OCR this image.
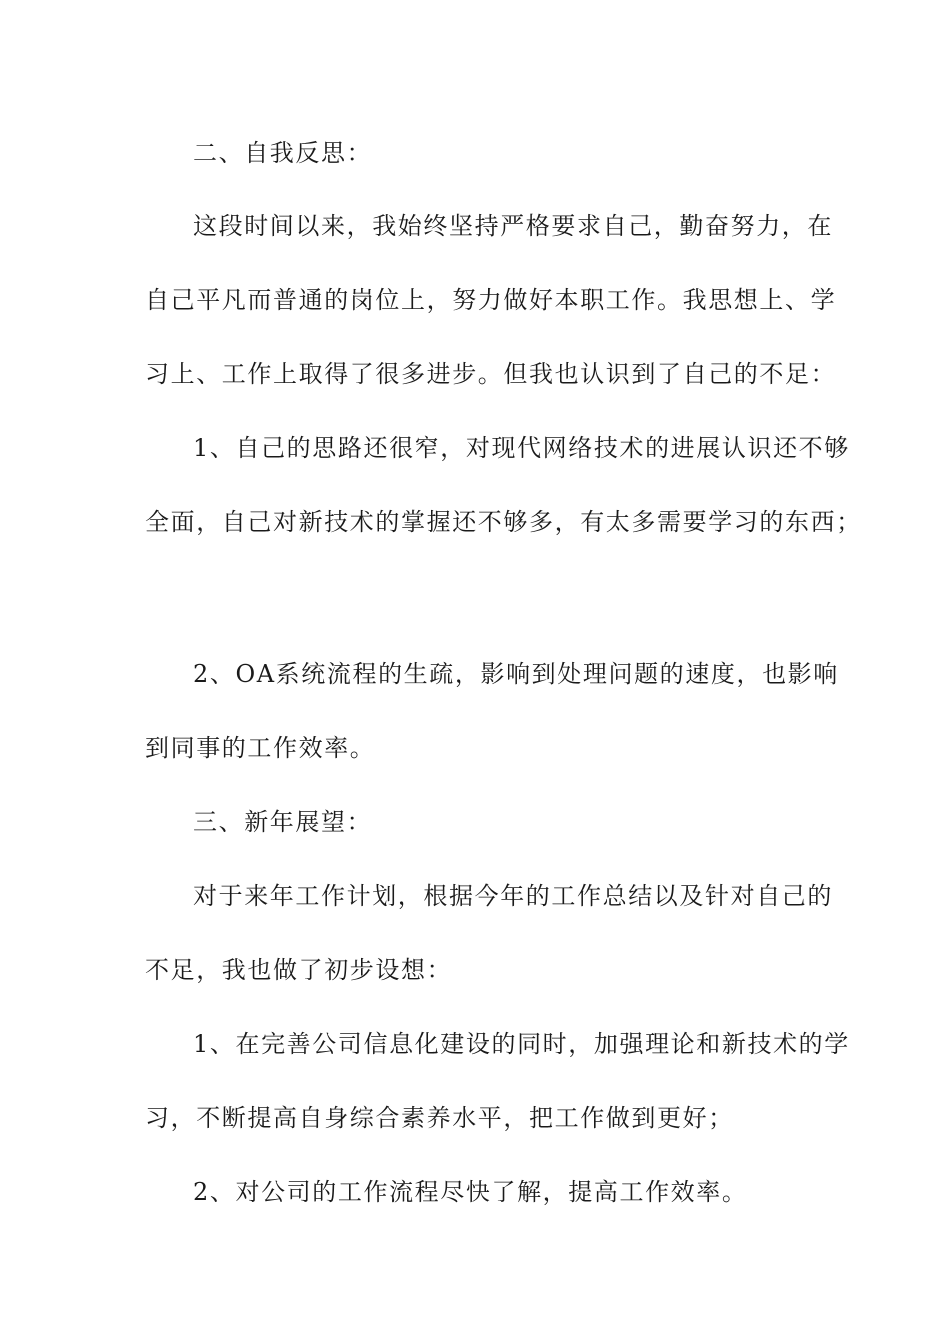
二、自我反思：
这段时间以来，我始终坚持严格要求自己，勤奋努力，在
自己平凡而普通的岗位上，努力做好本职工作。我思想上、学
习上、工作上取得了很多进步。但我也认识到了自己的不足：
1、自己的思路还很窄，对现代网络技术的进展认识还不够
全面，自己对新技术的掌握还不够多，有太多需要学习的东西；
2、OA系统流程的生疏，影响到处理问题的速度，也影响
到同事的工作效率。
三、新年展望：
对于来年工作计划，根据今年的工作总结以及针对自己的
不足，我也做了初步设想：
1、在完善公司信息化建设的同时，加强理论和新技术的学
习，不断提高自身综合素养水平，把工作做到更好；
2、对公司的工作流程尽快了解，提高工作效率。
